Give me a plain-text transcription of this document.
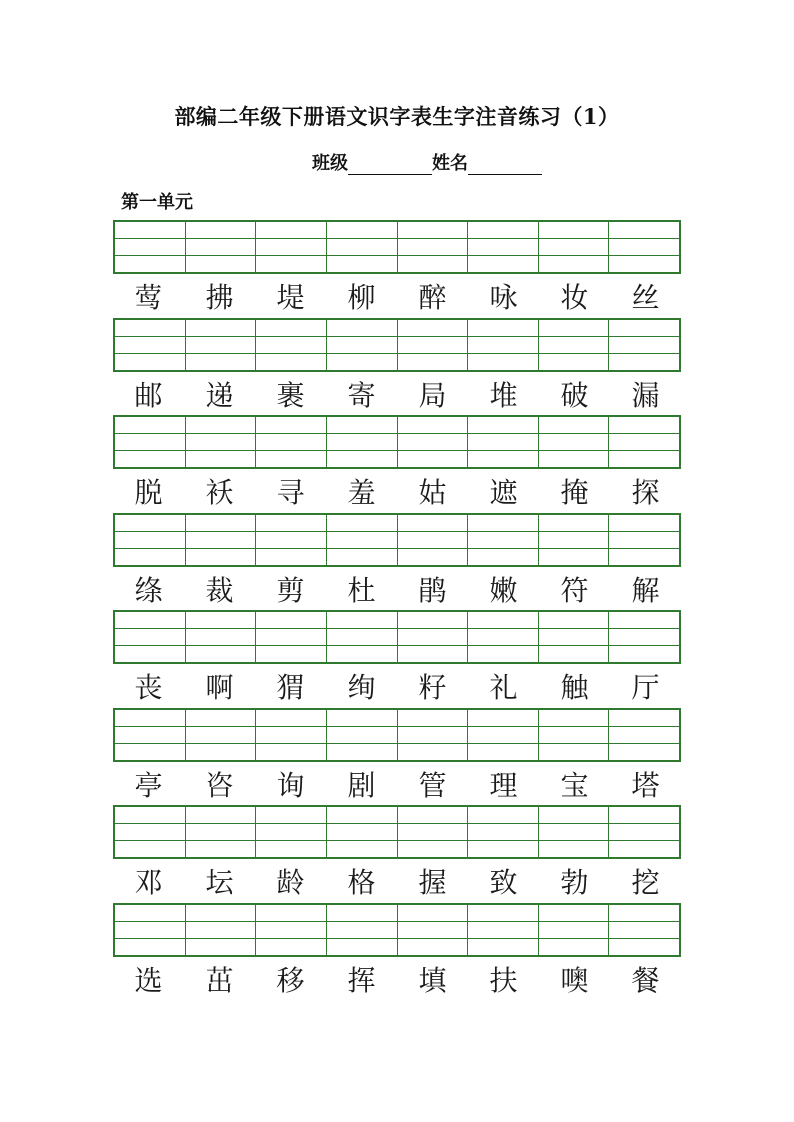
部编二年级下册语文识字表生字注音练习（1）
班级	姓名
第一单元
莺	拂	堤	柳	醉	咏	妆	丝
邮	递	裹	寄	局	堆	破	漏
脱	袄	寻	羞	姑	遮	掩	探
绦	裁	剪	杜	鹃	嫩	符	解
丧	啊	猬	绚	籽	礼	触	厅
亭	咨	询	剧	管	理	宝	塔
邓	坛	龄	格	握	致	勃	挖
选	茁	移	挥	填	扶	噢	餐
